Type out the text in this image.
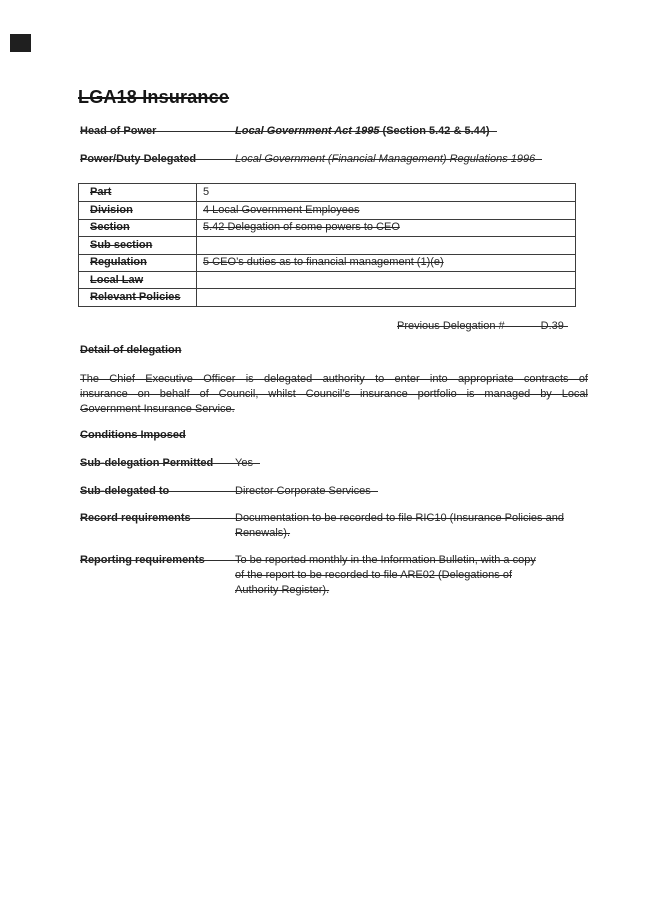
LGA18 Insurance
Head of Power	Local Government Act 1995 (Section 5.42 & 5.44)
Power/Duty Delegated	Local Government (Financial Management) Regulations 1996
Part	5
Division	4 Local Government Employees
Section	5.42 Delegation of some powers to CEO
Sub section
Regulation	5 CEO’s duties as to financial management (1)(e)
Local Law
Relevant Policies
Previous Delegation #	D.39
Detail of delegation
The Chief Executive Officer is delegated authority to enter into appropriate contracts of
insurance on behalf of Council, whilst Council’s insurance portfolio is managed by Local
Government Insurance Service.
Conditions Imposed
Sub-delegation Permitted	Yes
Sub-delegated to	Director Corporate Services
Record requirements	Documentation to be recorded to file RIC10 (Insurance Policies and
Renewals).
Reporting requirements	To be reported monthly in the Information Bulletin, with a copy
of the report to be recorded to file ARE02 (Delegations of
Authority Register).
